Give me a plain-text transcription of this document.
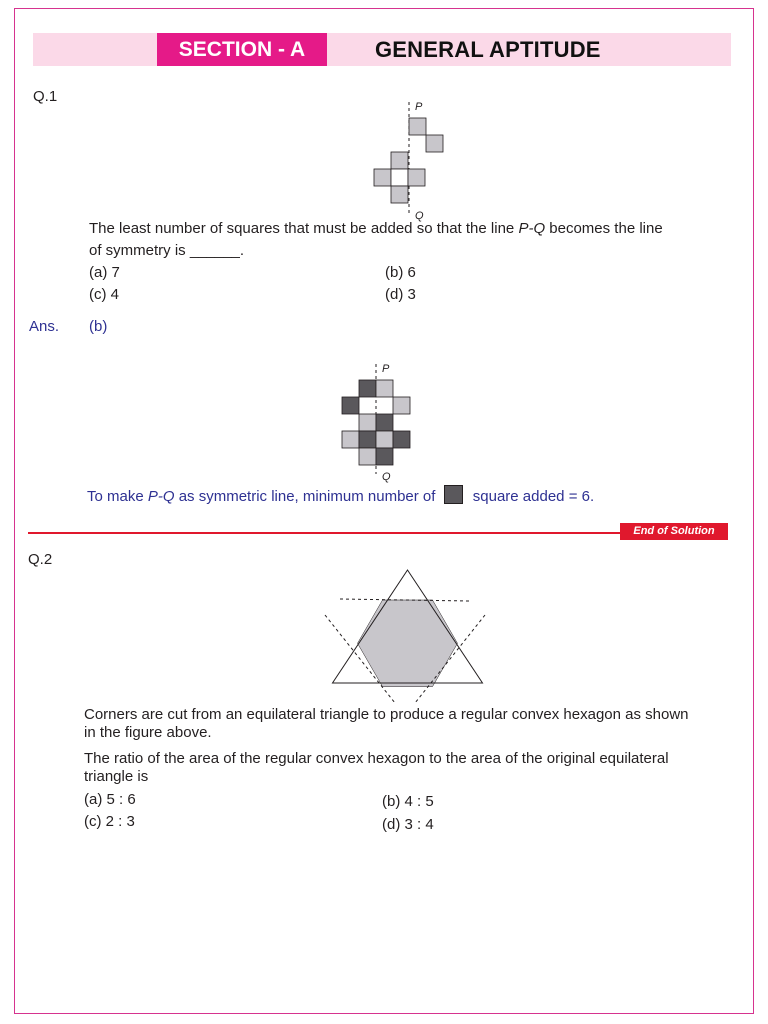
SECTION - A	GENERAL APTITUDE
Q.1
P
Q
The least number of squares that must be added so that the line P-Q becomes the line
of symmetry is ______.
(a) 7	(b) 6
(c) 4	(d) 3
Ans. (b)
P
Q
To make P-Q as symmetric line, minimum number of  square added = 6.
End of Solution
Q.2
Corners are cut from an equilateral triangle to produce a regular convex hexagon as shown
in the figure above.
The ratio of the area of the regular convex hexagon to the area of the original equilateral
triangle is
(a) 5 : 6	(b) 4 : 5
(c) 2 : 3	(d) 3 : 4
